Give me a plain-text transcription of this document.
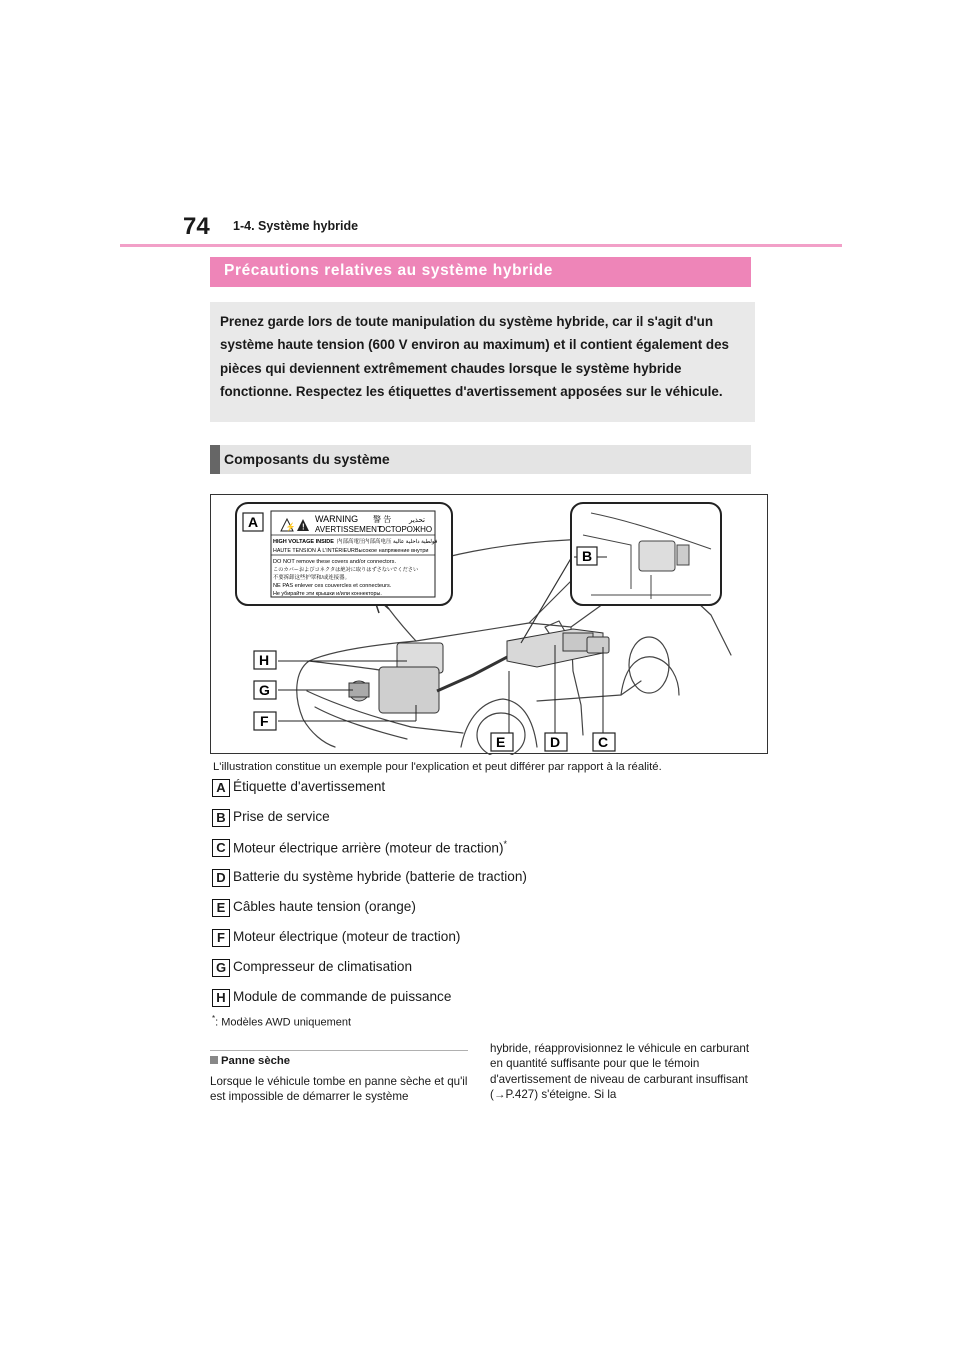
74 1-4. Système hybride
Précautions relatives au système hybride

Prenez garde lors de toute manipulation du système hybride, car il s'agit d'un système haute tension (600 V environ au maximum) et il contient également des pièces qui deviennent extrêmement chaudes lorsque le système hybride fonctionne. Respectez les étiquettes d'avertissement apposées sur le véhicule.

Composants du système
⚡ !
WARNING 警 告	تحذير
AVERTISSEMENT
ОСТОРОЖНО
HIGH VOLTAGE INSIDE 内部高電圧 内部高电压 فولطية داخلية عالية
HAUTE TENSION À L'INTÉRIEUR Высокое напряжение внутри
DO NOT remove these covers and/or connectors.
このカバーおよびコネクタは絶対に取りはずさないでください
不要拆卸这些护罩和/或连接器。
NE PAS enlever ces couvercles et connecteurs.
Не убирайте эти крышки и/или коннекторы.
A
B
H
G
F
E	D	C
L'illustration constitue un exemple pour l'explication et peut différer par rapport à la réalité.
A Étiquette d'avertissement
B Prise de service
C Moteur électrique arrière (moteur de traction)*
D Batterie du système hybride (batterie de traction)
E Câbles haute tension (orange)
F Moteur électrique (moteur de traction)
G Compresseur de climatisation
H Module de commande de puissance
*: Modèles AWD uniquement
Panne sèche
Lorsque le véhicule tombe en panne sèche et qu'il est impossible de démarrer le système
hybride, réapprovisionnez le véhicule en carburant en quantité suffisante pour que le témoin d'avertissement de niveau de carburant insuffisant (→P.427) s'éteigne. Si la
